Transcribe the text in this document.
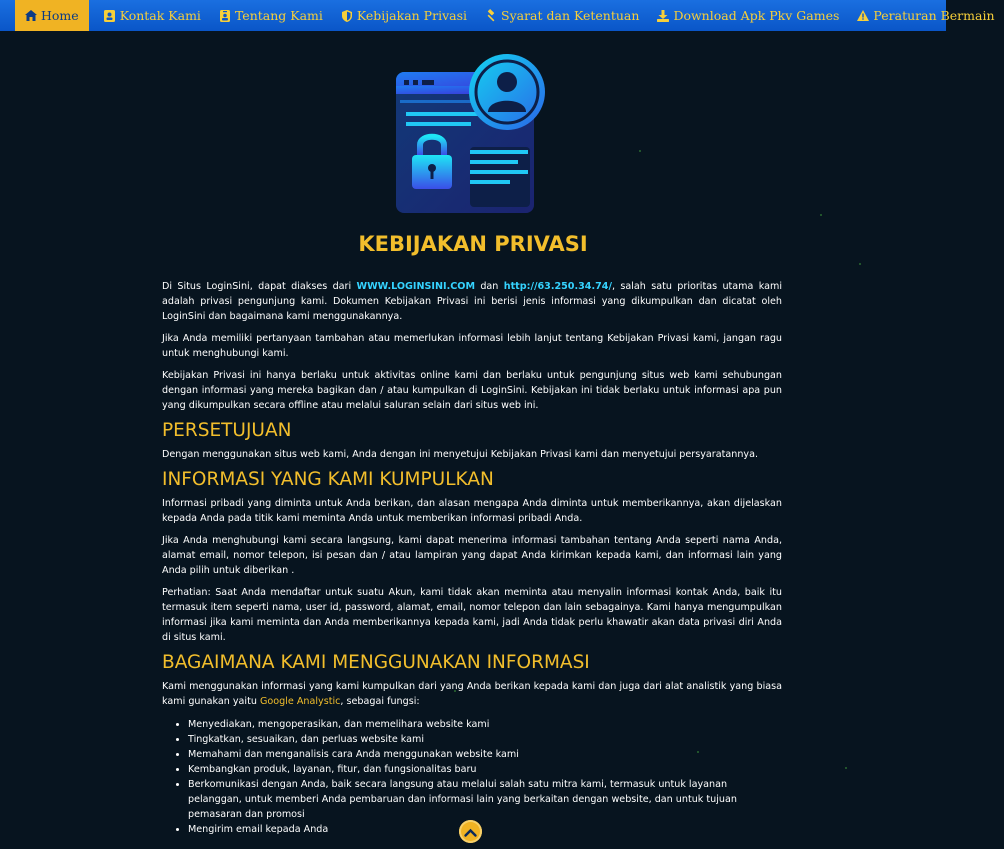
Home	Kontak Kami	Tentang Kami	Kebijakan Privasi	Syarat dan Ketentuan	Download Apk Pkv Games	Peraturan Bermain
KEBIJAKAN PRIVASI

Di Situs LoginSini, dapat diakses dari WWW.LOGINSINI.COM dan http://63.250.34.74/, salah satu prioritas utama kami adalah privasi pengunjung kami. Dokumen Kebijakan Privasi ini berisi jenis informasi yang dikumpulkan dan dicatat oleh LoginSini dan bagaimana kami menggunakannya.

Jika Anda memiliki pertanyaan tambahan atau memerlukan informasi lebih lanjut tentang Kebijakan Privasi kami, jangan ragu untuk menghubungi kami.

Kebijakan Privasi ini hanya berlaku untuk aktivitas online kami dan berlaku untuk pengunjung situs web kami sehubungan dengan informasi yang mereka bagikan dan / atau kumpulkan di LoginSini. Kebijakan ini tidak berlaku untuk informasi apa pun yang dikumpulkan secara offline atau melalui saluran selain dari situs web ini.

PERSETUJUAN

Dengan menggunakan situs web kami, Anda dengan ini menyetujui Kebijakan Privasi kami dan menyetujui persyaratannya.

INFORMASI YANG KAMI KUMPULKAN

Informasi pribadi yang diminta untuk Anda berikan, dan alasan mengapa Anda diminta untuk memberikannya, akan dijelaskan kepada Anda pada titik kami meminta Anda untuk memberikan informasi pribadi Anda.

Jika Anda menghubungi kami secara langsung, kami dapat menerima informasi tambahan tentang Anda seperti nama Anda, alamat email, nomor telepon, isi pesan dan / atau lampiran yang dapat Anda kirimkan kepada kami, dan informasi lain yang Anda pilih untuk diberikan .

Perhatian: Saat Anda mendaftar untuk suatu Akun, kami tidak akan meminta atau menyalin informasi kontak Anda, baik itu termasuk item seperti nama, user id, password, alamat, email, nomor telepon dan lain sebagainya. Kami hanya mengumpulkan informasi jika kami meminta dan Anda memberikannya kepada kami, jadi Anda tidak perlu khawatir akan data privasi diri Anda di situs kami.

BAGAIMANA KAMI MENGGUNAKAN INFORMASI

Kami menggunakan informasi yang kami kumpulkan dari yang Anda berikan kepada kami dan juga dari alat analistik yang biasa kami gunakan yaitu Google Analystic, sebagai fungsi:

• Menyediakan, mengoperasikan, dan memelihara website kami
• Tingkatkan, sesuaikan, dan perluas website kami
• Memahami dan menganalisis cara Anda menggunakan website kami
• Kembangkan produk, layanan, fitur, dan fungsionalitas baru
• Berkomunikasi dengan Anda, baik secara langsung atau melalui salah satu mitra kami, termasuk untuk layanan pelanggan, untuk memberi Anda pembaruan dan informasi lain yang berkaitan dengan website, dan untuk tujuan pemasaran dan promosi
• Mengirim email kepada Anda
